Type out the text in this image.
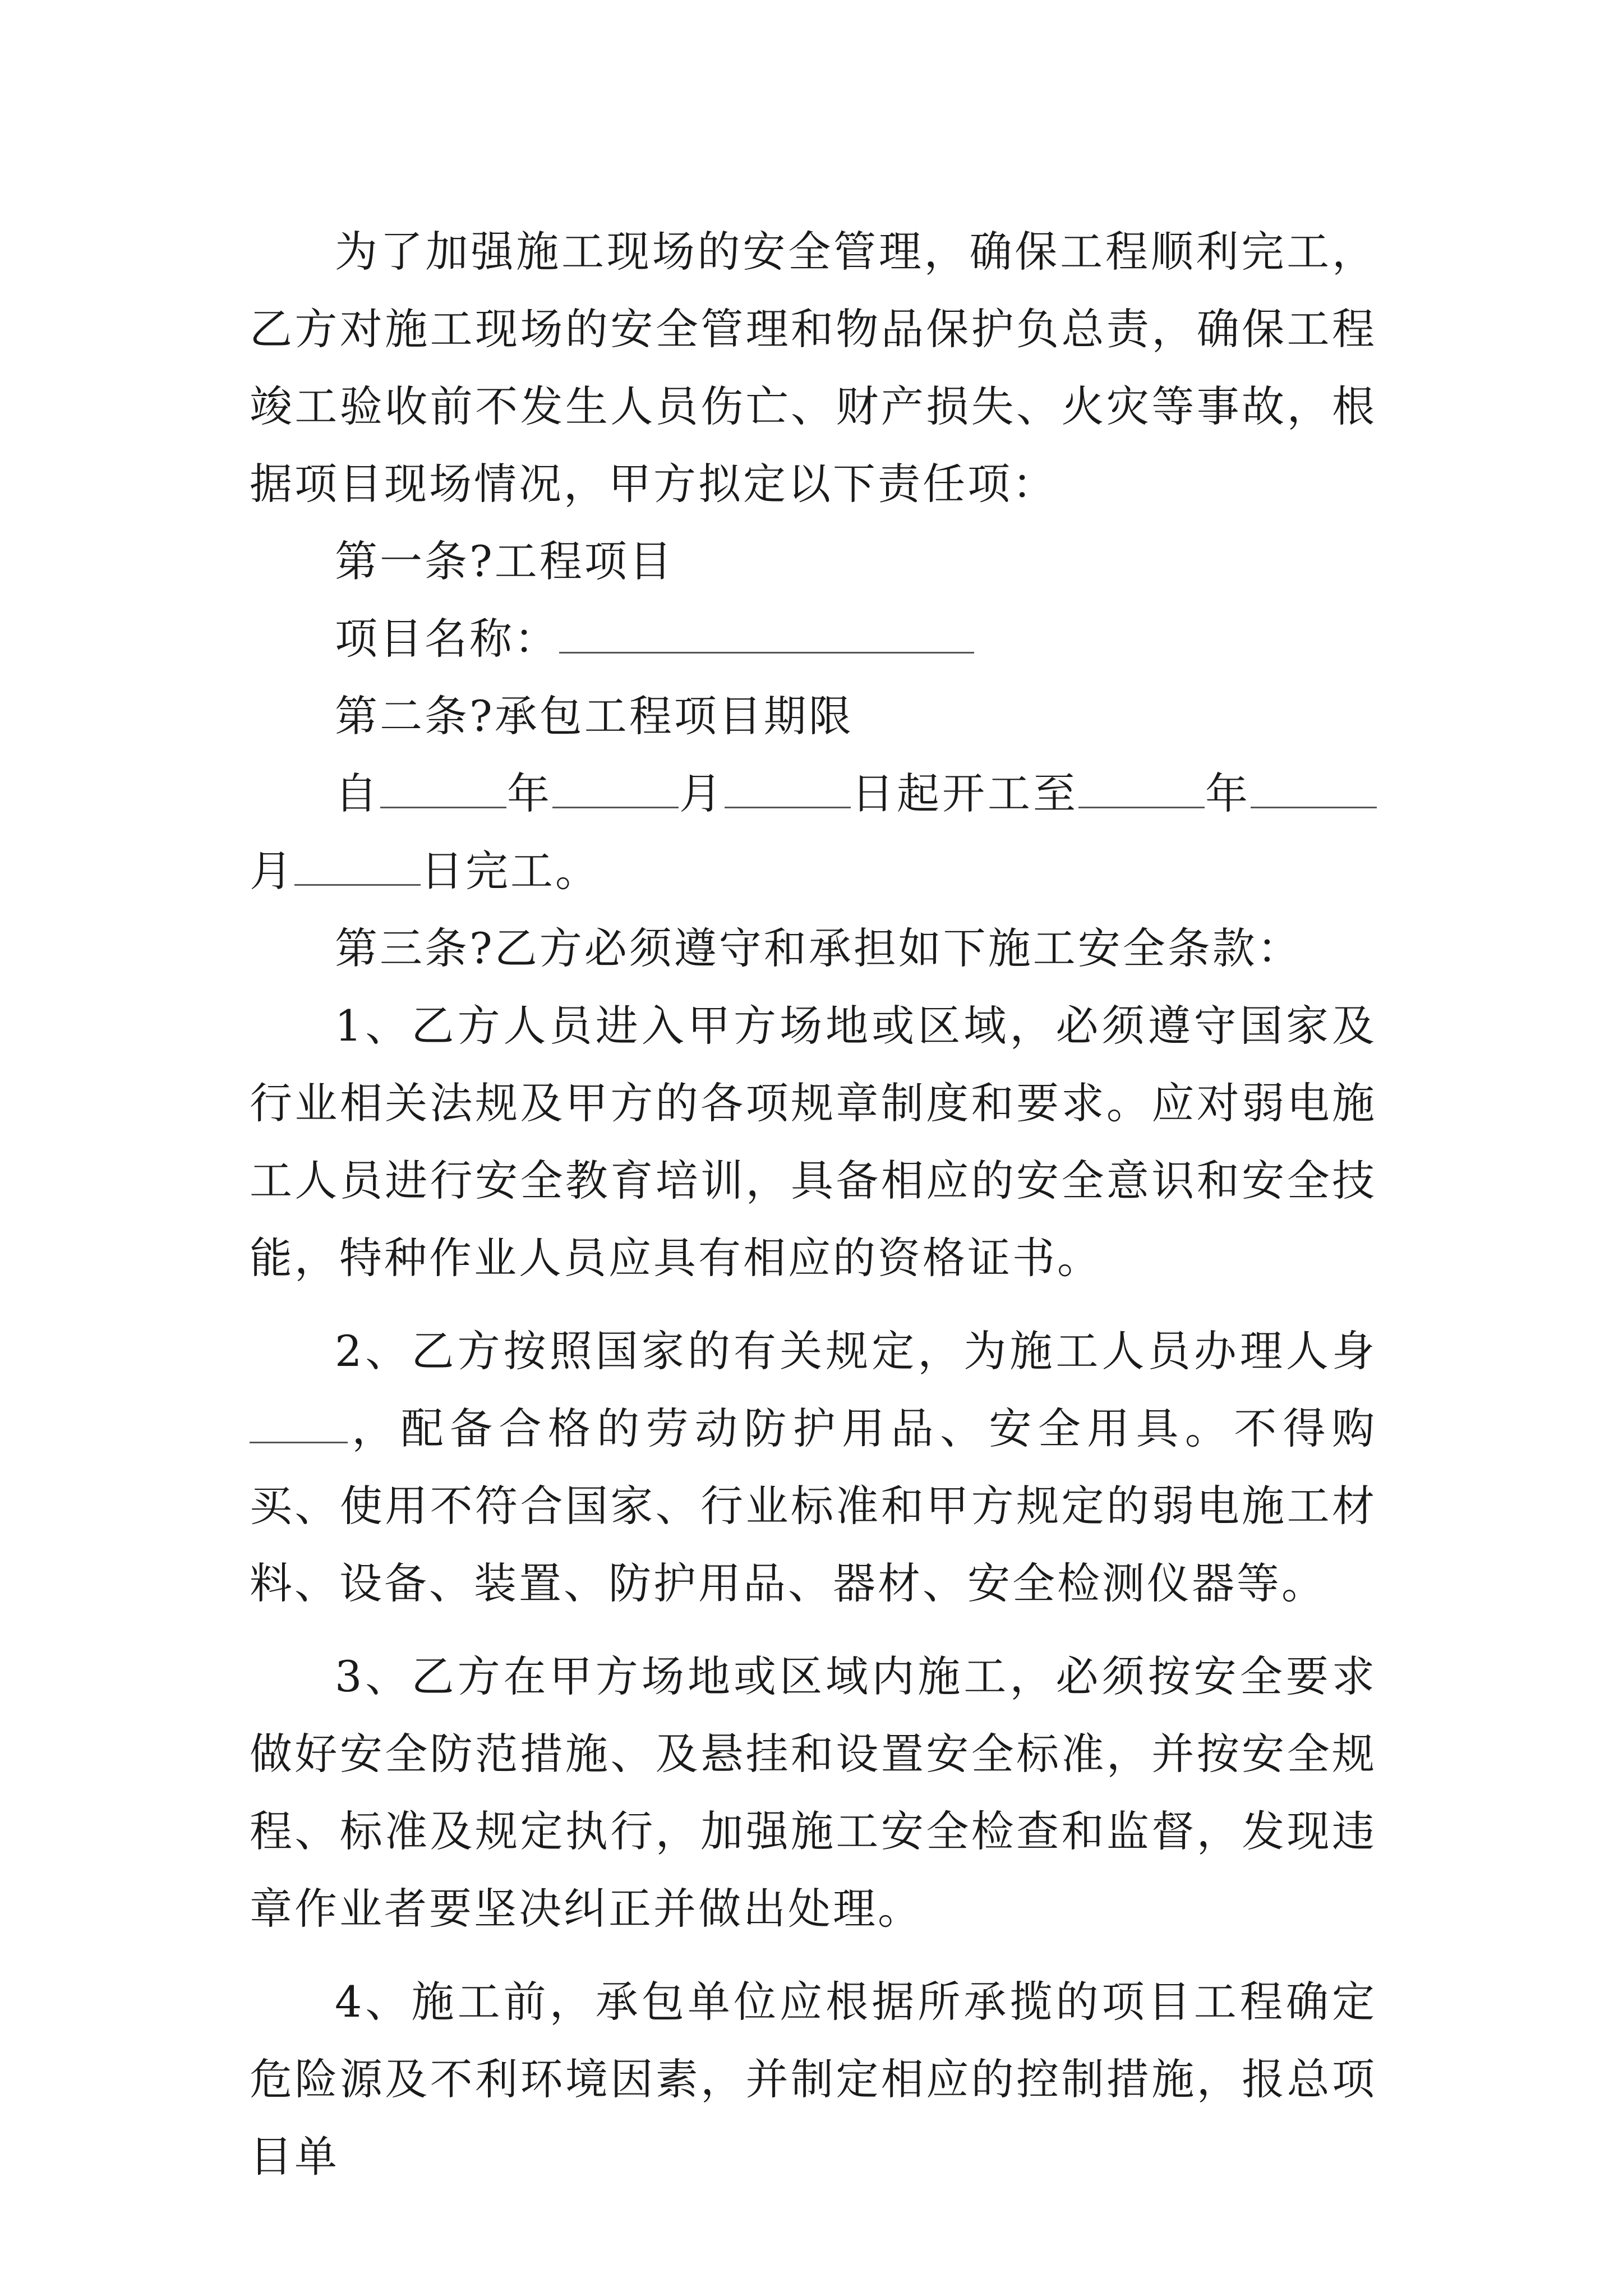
为了加强施工现场的安全管理，确保工程顺利完工，乙方对施工现场的安全管理和物品保护负总责，确保工程竣工验收前不发生人员伤亡、财产损失、火灾等事故，根据项目现场情况，甲方拟定以下责任项：

第一条?工程项目

项目名称：

第二条?承包工程项目期限

自	年	月	日起开工至	年月	日完工。

第三条?乙方必须遵守和承担如下施工安全条款：

1、乙方人员进入甲方场地或区域，必须遵守国家及行业相关法规及甲方的各项规章制度和要求。应对弱电施工人员进行安全教育培训，具备相应的安全意识和安全技能，特种作业人员应具有相应的资格证书。

2、乙方按照国家的有关规定，为施工人员办理人身，配备合格的劳动防护用品、安全用具。不得购买、使用不符合国家、行业标准和甲方规定的弱电施工材料、设备、装置、防护用品、器材、安全检测仪器等。

3、乙方在甲方场地或区域内施工，必须按安全要求做好安全防范措施、及悬挂和设置安全标准，并按安全规程、标准及规定执行，加强施工安全检查和监督，发现违章作业者要坚决纠正并做出处理。

4、施工前，承包单位应根据所承揽的项目工程确定危险源及不利环境因素，并制定相应的控制措施，报总项目单
